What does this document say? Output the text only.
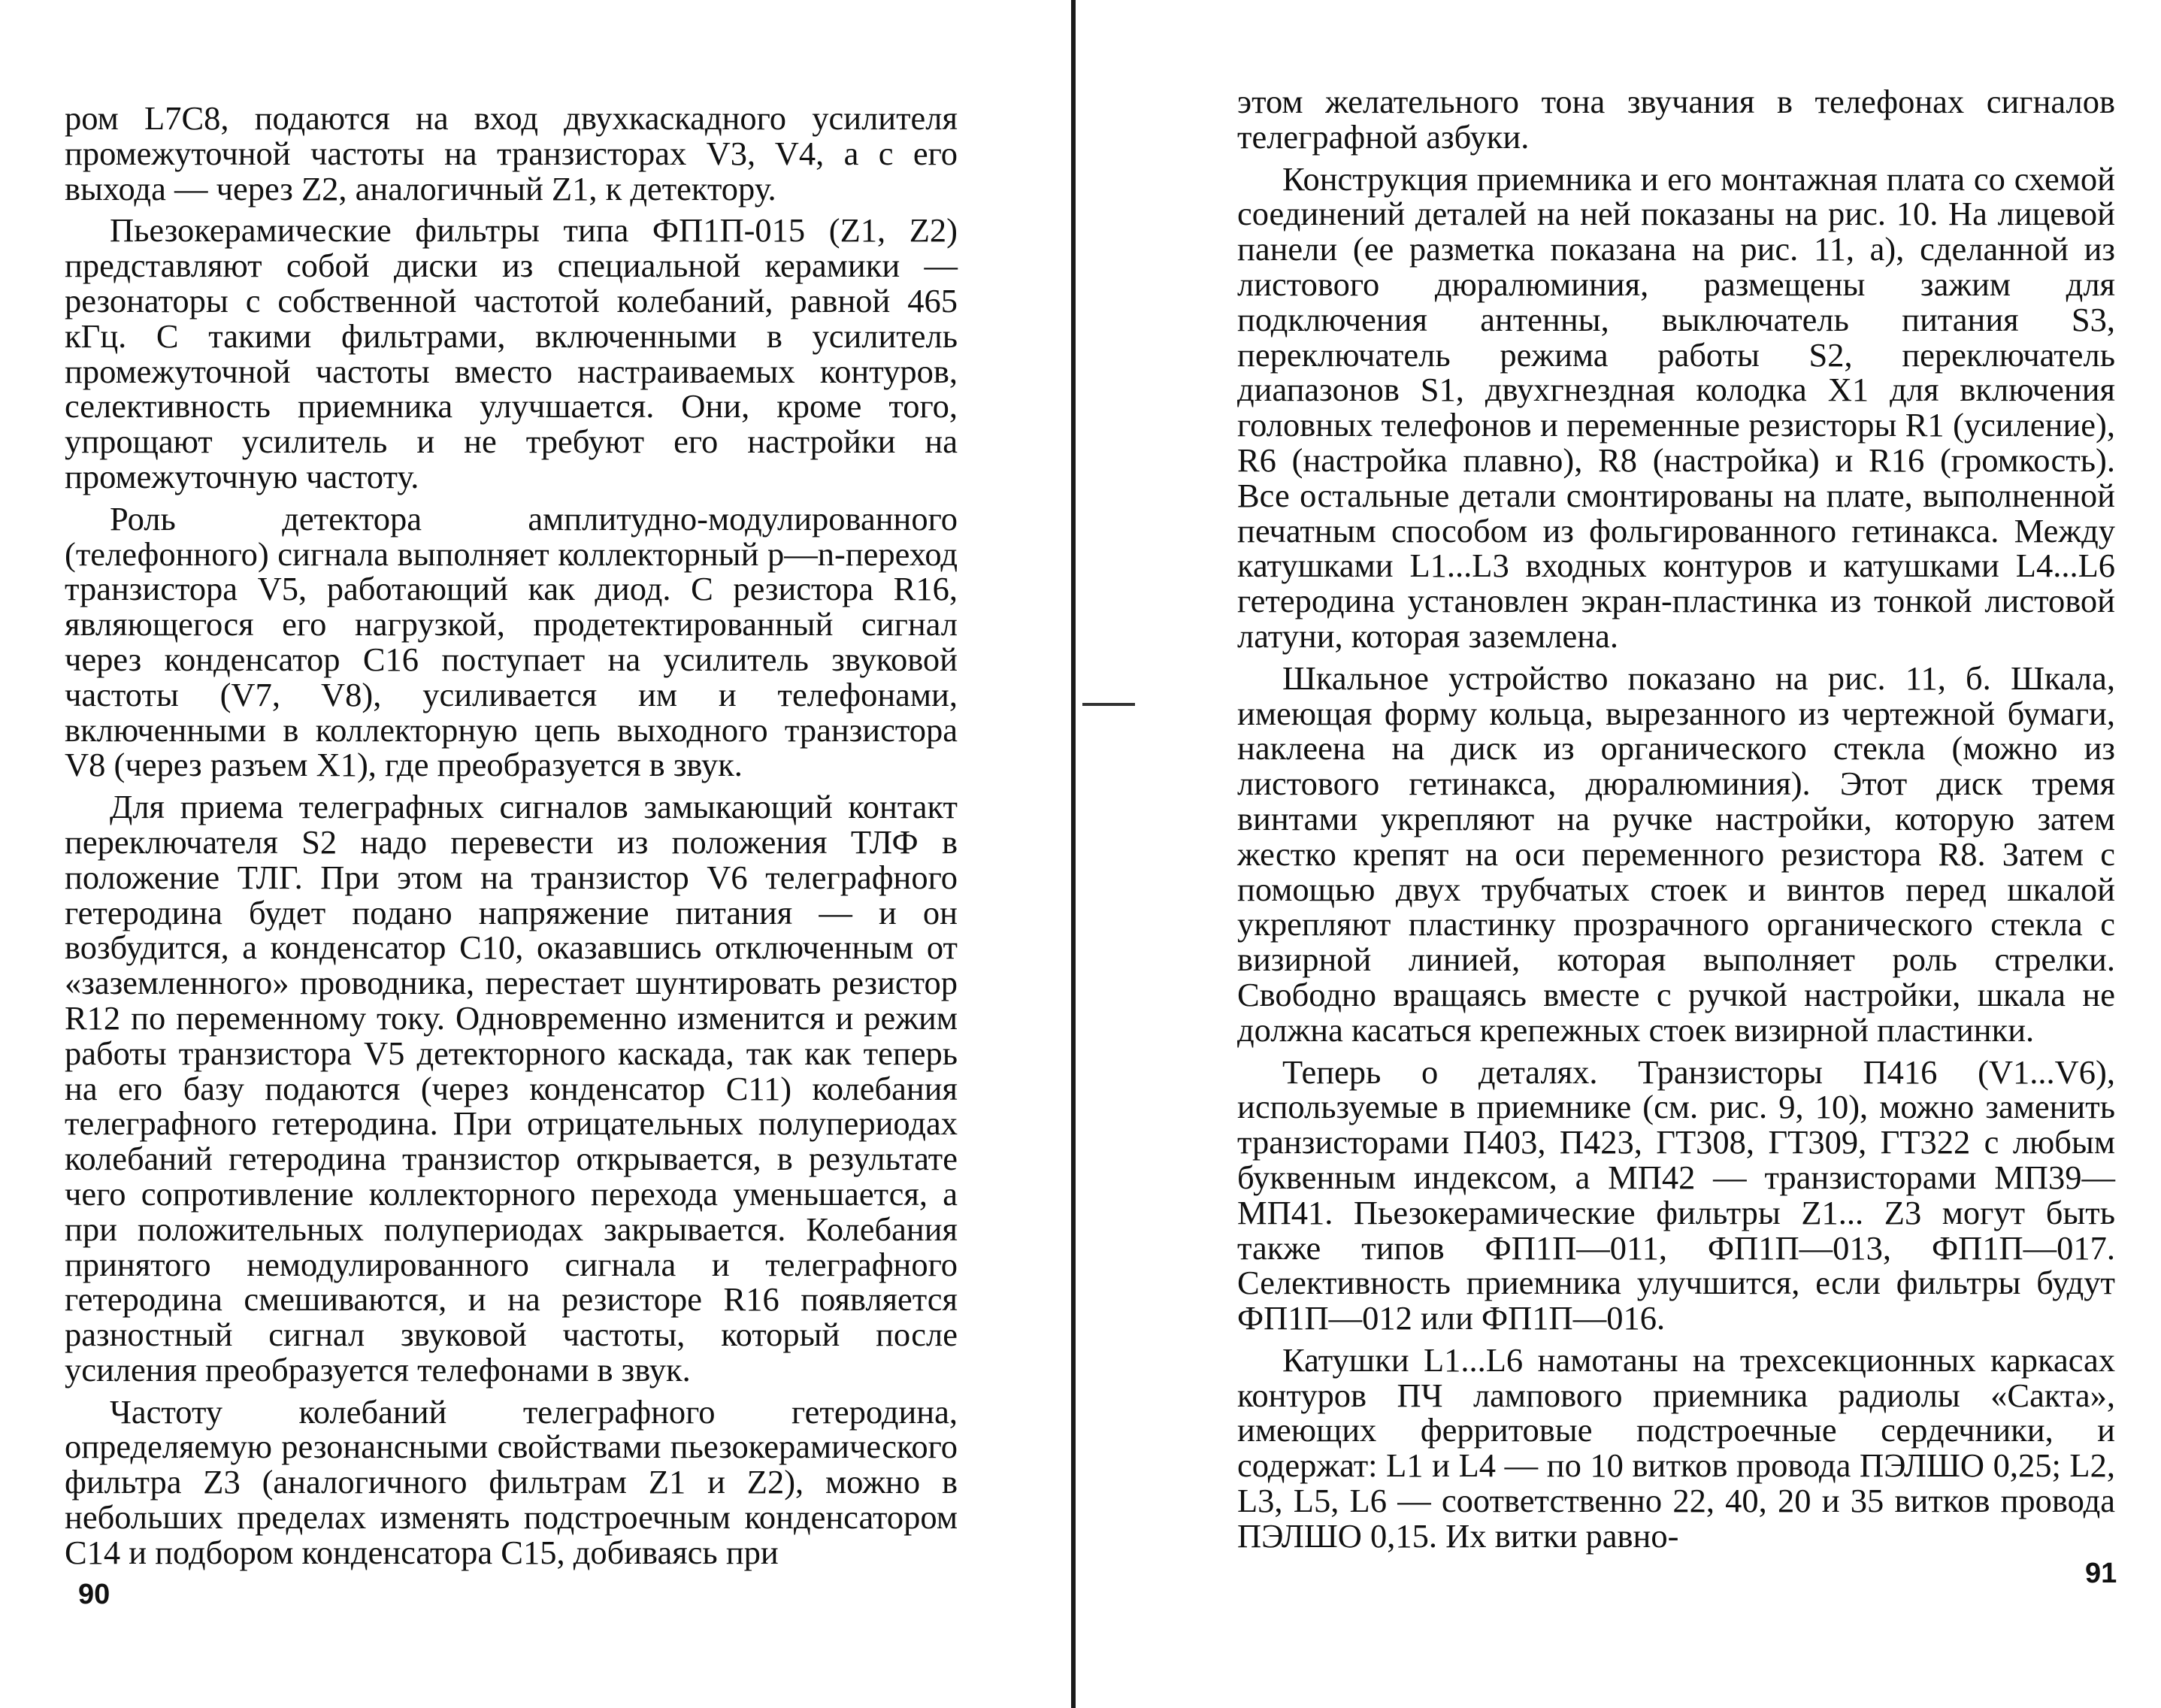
ром L7C8, подаются на вход двухкаскадного усилителя промежуточной частоты на транзисторах V3, V4, а с его выхода — через Z2, аналогичный Z1, к детектору.

Пьезокерамические фильтры типа ФП1П-015 (Z1, Z2) представляют собой диски из специальной керамики — резонаторы с собственной частотой колебаний, равной 465 кГц. С такими фильтрами, включенными в усилитель промежуточной частоты вместо настраиваемых контуров, селективность приемника улучшается. Они, кроме того, упрощают усилитель и не требуют его настройки на промежуточную частоту.

Роль детектора амплитудно-модулированного (телефонного) сигнала выполняет коллекторный p—n-переход транзистора V5, работающий как диод. С резистора R16, являющегося его нагрузкой, продетектированный сигнал через конденсатор C16 поступает на усилитель звуковой частоты (V7, V8), усиливается им и телефонами, включенными в коллекторную цепь выходного транзистора V8 (через разъем X1), где преобразуется в звук.

Для приема телеграфных сигналов замыкающий контакт переключателя S2 надо перевести из положения ТЛФ в положение ТЛГ. При этом на транзистор V6 телеграфного гетеродина будет подано напряжение питания — и он возбудится, а конденсатор C10, оказавшись отключенным от «заземленного» проводника, перестает шунтировать резистор R12 по переменному току. Одновременно изменится и режим работы транзистора V5 детекторного каскада, так как теперь на его базу подаются (через конденсатор C11) колебания телеграфного гетеродина. При отрицательных полупериодах колебаний гетеродина транзистор открывается, в результате чего сопротивление коллекторного перехода уменьшается, а при положительных полупериодах закрывается. Колебания принятого немодулированного сигнала и телеграфного гетеродина смешиваются, и на резисторе R16 появляется разностный сигнал звуковой частоты, который после усиления преобразуется телефонами в звук.

Частоту колебаний телеграфного гетеродина, определяемую резонансными свойствами пьезокерамического фильтра Z3 (аналогичного фильтрам Z1 и Z2), можно в небольших пределах изменять подстроечным конденсатором C14 и подбором конденсатора C15, добиваясь при

90

этом желательного тона звучания в телефонах сигналов телеграфной азбуки.

Конструкция приемника и его монтажная плата со схемой соединений деталей на ней показаны на рис. 10. На лицевой панели (ее разметка показана на рис. 11, а), сделанной из листового дюралюминия, размещены зажим для подключения антенны, выключатель питания S3, переключатель режима работы S2, переключатель диапазонов S1, двухгнездная колодка X1 для включения головных телефонов и переменные резисторы R1 (усиление), R6 (настройка плавно), R8 (настройка) и R16 (громкость). Все остальные детали смонтированы на плате, выполненной печатным способом из фольгированного гетинакса. Между катушками L1...L3 входных контуров и катушками L4...L6 гетеродина установлен экран-пластинка из тонкой листовой латуни, которая заземлена.

Шкальное устройство показано на рис. 11, б. Шкала, имеющая форму кольца, вырезанного из чертежной бумаги, наклеена на диск из органического стекла (можно из листового гетинакса, дюралюминия). Этот диск тремя винтами укрепляют на ручке настройки, которую затем жестко крепят на оси переменного резистора R8. Затем с помощью двух трубчатых стоек и винтов перед шкалой укрепляют пластинку прозрачного органического стекла с визирной линией, которая выполняет роль стрелки. Свободно вращаясь вместе с ручкой настройки, шкала не должна касаться крепежных стоек визирной пластинки.

Теперь о деталях. Транзисторы П416 (V1...V6), используемые в приемнике (см. рис. 9, 10), можно заменить транзисторами П403, П423, ГТ308, ГТ309, ГТ322 с любым буквенным индексом, а МП42 — транзисторами МП39—МП41. Пьезокерамические фильтры Z1... Z3 могут быть также типов ФП1П—011, ФП1П—013, ФП1П—017. Селективность приемника улучшится, если фильтры будут ФП1П—012 или ФП1П—016.

Катушки L1...L6 намотаны на трехсекционных каркасах контуров ПЧ лампового приемника радиолы «Сакта», имеющих ферритовые подстроечные сердечники, и содержат: L1 и L4 — по 10 витков провода ПЭЛШО 0,25; L2, L3, L5, L6 — соответственно 22, 40, 20 и 35 витков провода ПЭЛШО 0,15. Их витки равно-

91
